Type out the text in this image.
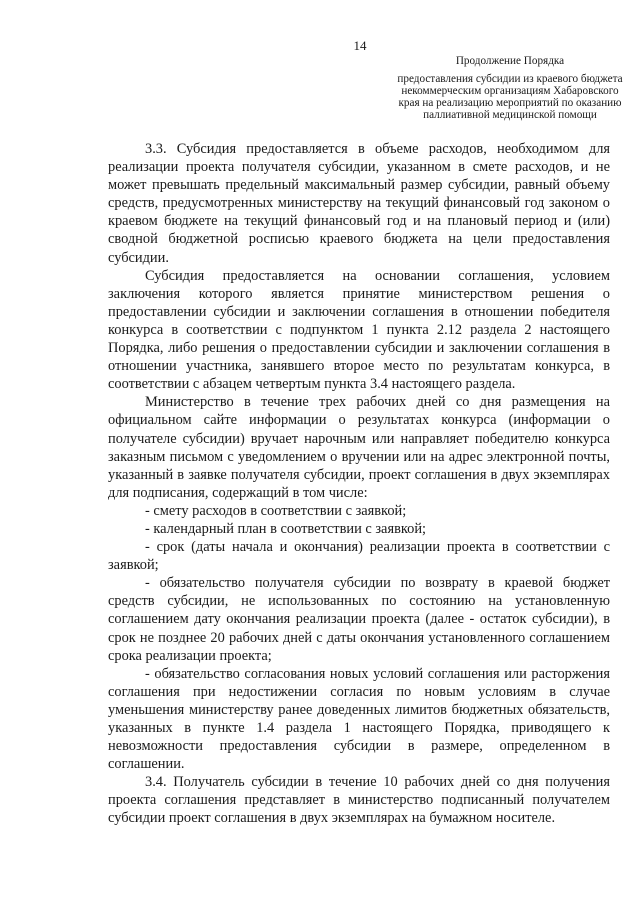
14
Продолжение Порядка
предоставления субсидии из краевого бюджета некоммерческим организациям Хабаровского края на реализацию мероприятий по оказанию паллиативной медицинской помощи

3.3. Субсидия предоставляется в объеме расходов, необходимом для реализации проекта получателя субсидии, указанном в смете расходов, и не может превышать предельный максимальный размер субсидии, равный объему средств, предусмотренных министерству на текущий финансовый год законом о краевом бюджете на текущий финансовый год и на плановый период и (или) сводной бюджетной росписью краевого бюджета на цели предоставления субсидии.

Субсидия предоставляется на основании соглашения, условием заключения которого является принятие министерством решения о предоставлении субсидии и заключении соглашения в отношении победителя конкурса в соответствии с подпунктом 1 пункта 2.12 раздела 2 настоящего Порядка, либо решения о предоставлении субсидии и заключении соглашения в отношении участника, занявшего второе место по результатам конкурса, в соответствии с абзацем четвертым пункта 3.4 настоящего раздела.

Министерство в течение трех рабочих дней со дня размещения на официальном сайте информации о результатах конкурса (информации о получателе субсидии) вручает нарочным или направляет победителю конкурса заказным письмом с уведомлением о вручении или на адрес электронной почты, указанный в заявке получателя субсидии, проект соглашения в двух экземплярах для подписания, содержащий в том числе:

- смету расходов в соответствии с заявкой;

- календарный план в соответствии с заявкой;

- срок (даты начала и окончания) реализации проекта в соответствии с заявкой;

- обязательство получателя субсидии по возврату в краевой бюджет средств субсидии, не использованных по состоянию на установленную соглашением дату окончания реализации проекта (далее - остаток субсидии), в срок не позднее 20 рабочих дней с даты окончания установленного соглашением срока реализации проекта;

- обязательство согласования новых условий соглашения или расторжения соглашения при недостижении согласия по новым условиям в случае уменьшения министерству ранее доведенных лимитов бюджетных обязательств, указанных в пункте 1.4 раздела 1 настоящего Порядка, приводящего к невозможности предоставления субсидии в размере, определенном в соглашении.

3.4. Получатель субсидии в течение 10 рабочих дней со дня получения проекта соглашения представляет в министерство подписанный получателем субсидии проект соглашения в двух экземплярах на бумажном носителе.
